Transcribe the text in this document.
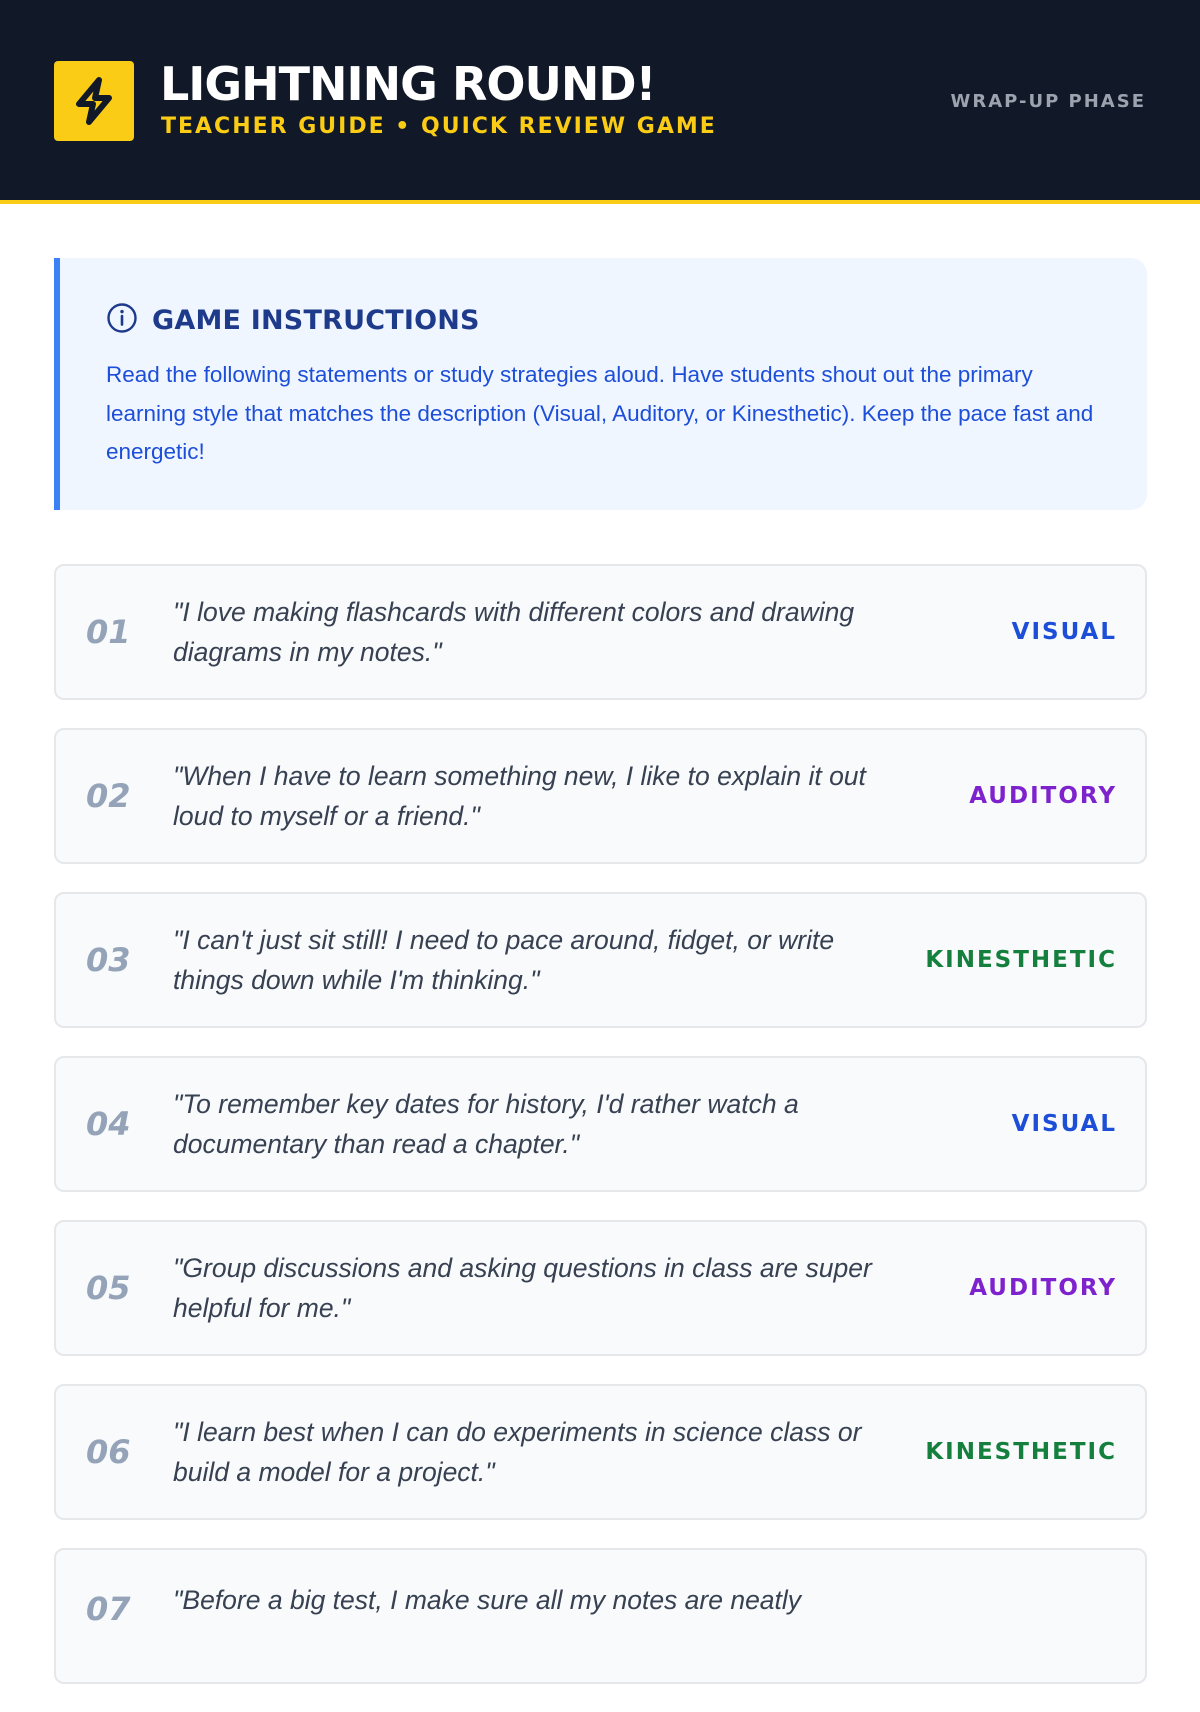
LIGHTNING ROUND!
TEACHER GUIDE • QUICK REVIEW GAME
WRAP-UP PHASE
GAME INSTRUCTIONS
Read the following statements or study strategies aloud. Have students shout out the primary learning style that matches the description (Visual, Auditory, or Kinesthetic). Keep the pace fast and energetic!
01
"I love making flashcards with different colors and drawing diagrams in my notes."
VISUAL
02
"When I have to learn something new, I like to explain it out loud to myself or a friend."
AUDITORY
03
"I can't just sit still! I need to pace around, fidget, or write things down while I'm thinking."
KINESTHETIC
04
"To remember key dates for history, I'd rather watch a documentary than read a chapter."
VISUAL
05
"Group discussions and asking questions in class are super helpful for me."
AUDITORY
06
"I learn best when I can do experiments in science class or build a model for a project."
KINESTHETIC
07 "Before a big test, I make sure all my notes are neatly
